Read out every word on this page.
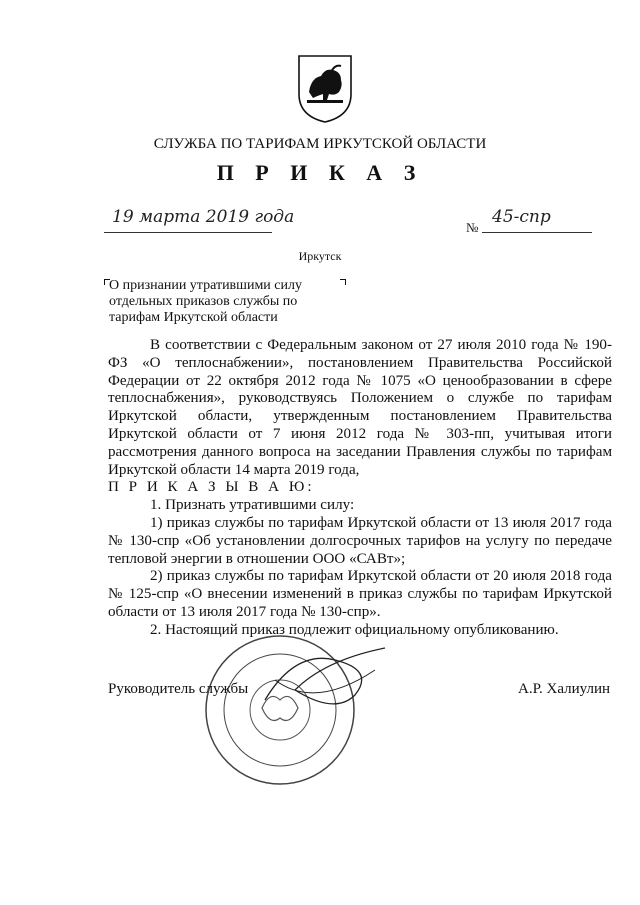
СЛУЖБА ПО ТАРИФАМ ИРКУТСКОЙ ОБЛАСТИ
П Р И К А З
19 марта 2019 года
№
45-спр
Иркутск

О признании утратившими силу

отдельных приказов службы по

тарифам Иркутской области

В соответствии с Федеральным законом от 27 июля 2010 года № 190-ФЗ «О теплоснабжении», постановлением Правительства Российской Федерации от 22 октября 2012 года № 1075 «О ценообразовании в сфере теплоснабжения», руководствуясь Положением о службе по тарифам Иркутской области, утвержденным постановлением Правительства Иркутской области от 7 июня 2012 года № 303-пп, учитывая итоги рассмотрения данного вопроса на заседании Правления службы по тарифам Иркутской области 14 марта 2019 года,

П Р И К А З Ы В А Ю:

1. Признать утратившими силу:

1) приказ службы по тарифам Иркутской области от 13 июля 2017 года № 130-спр «Об установлении долгосрочных тарифов на услугу по передаче тепловой энергии в отношении ООО «САВт»;

2) приказ службы по тарифам Иркутской области от 20 июля 2018 года № 125-спр «О внесении изменений в приказ службы по тарифам Иркутской области от 13 июля 2017 года № 130-спр».

2. Настоящий приказ подлежит официальному опубликованию.

Руководитель службы	А.Р. Халиулин
